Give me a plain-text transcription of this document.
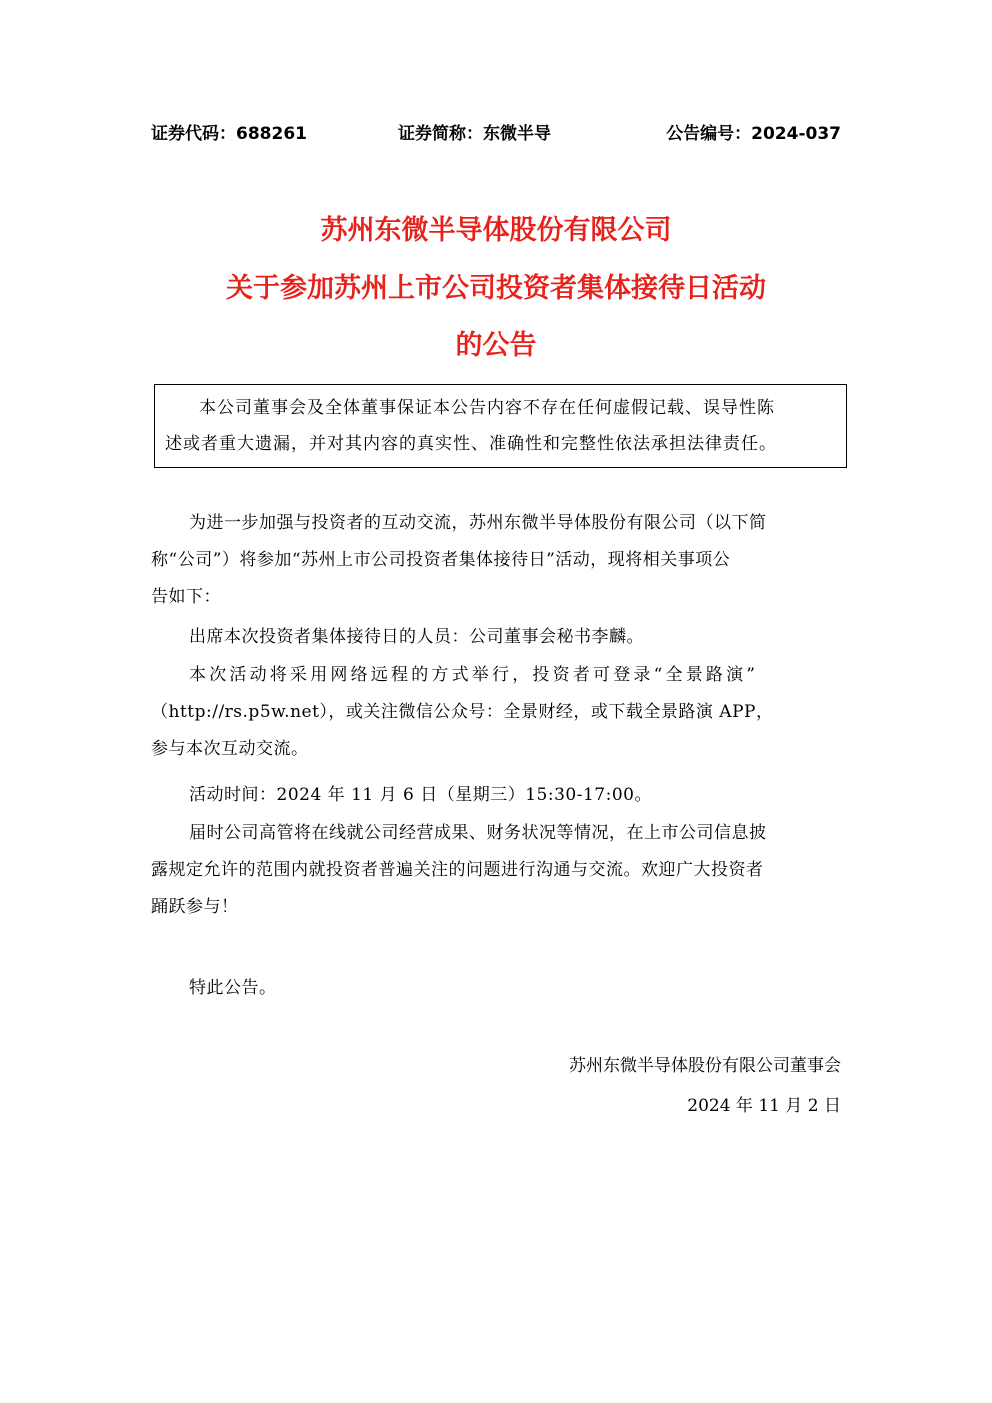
证券代码：688261	证券简称：东微半导	公告编号：2024-037
苏州东微半导体股份有限公司
关于参加苏州上市公司投资者集体接待日活动
的公告

本公司董事会及全体董事保证本公告内容不存在任何虚假记载、误导性陈

述或者重大遗漏，并对其内容的真实性、准确性和完整性依法承担法律责任。

为进一步加强与投资者的互动交流，苏州东微半导体股份有限公司（以下简
称“公司”）将参加“苏州上市公司投资者集体接待日”活动，现将相关事项公
告如下：
出席本次投资者集体接待日的人员：公司董事会秘书李麟。
本次活动将采用网络远程的方式举行，投资者可登录“全景路演”
（http://rs.p5w.net），或关注微信公众号：全景财经，或下载全景路演 APP，
参与本次互动交流。
活动时间：2024 年 11 月 6 日（星期三）15:30-17:00。
届时公司高管将在线就公司经营成果、财务状况等情况，在上市公司信息披
露规定允许的范围内就投资者普遍关注的问题进行沟通与交流。欢迎广大投资者
踊跃参与！
特此公告。
苏州东微半导体股份有限公司董事会
2024 年 11 月 2 日
